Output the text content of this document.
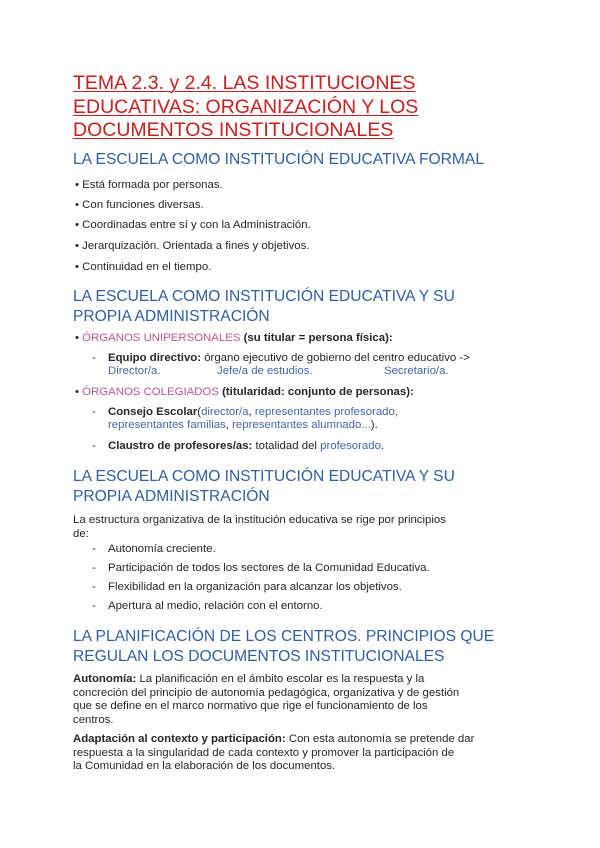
TEMA 2.3. y 2.4. LAS INSTITUCIONES
EDUCATIVAS: ORGANIZACIÓN Y LOS
DOCUMENTOS INSTITUCIONALES
LA ESCUELA COMO INSTITUCIÓN EDUCATIVA FORMAL
• Está formada por personas.
• Con funciones diversas.
• Coordinadas entre sí y con la Administración.
• Jerarquización. Orientada a fines y objetivos.
• Continuidad en el tiempo.
LA ESCUELA COMO INSTITUCIÓN EDUCATIVA Y SU
PROPIA ADMINISTRACIÓN
• ÓRGANOS UNIPERSONALES (su titular = persona física):
- Equipo directivo: órgano ejecutivo de gobierno del centro educativo ->
Director/a.	Jefe/a de estudios.	Secretario/a.
• ÓRGANOS COLEGIADOS (titularidad: conjunto de personas):
- Consejo Escolar(director/a, representantes profesorado,
representantes familias, representantes alumnado...).
- Claustro de profesores/as: totalidad del profesorado.
LA ESCUELA COMO INSTITUCIÓN EDUCATIVA Y SU
PROPIA ADMINISTRACIÓN
La estructura organizativa de la institución educativa se rige por principios
de:
- Autonomía creciente.
- Participación de todos los sectores de la Comunidad Educativa.
- Flexibilidad en la organización para alcanzar los objetivos.
- Apertura al medio, relación con el entorno.
LA PLANIFICACIÓN DE LOS CENTROS. PRINCIPIOS QUE
REGULAN LOS DOCUMENTOS INSTITUCIONALES
Autonomía: La planificación en el ámbito escolar es la respuesta y la
concreción del principio de autonomía pedagógica, organizativa y de gestión
que se define en el marco normativo que rige el funcionamiento de los
centros.
Adaptación al contexto y participación: Con esta autonomía se pretende dar
respuesta a la singularidad de cada contexto y promover la participación de
la Comunidad en la elaboración de los documentos.
